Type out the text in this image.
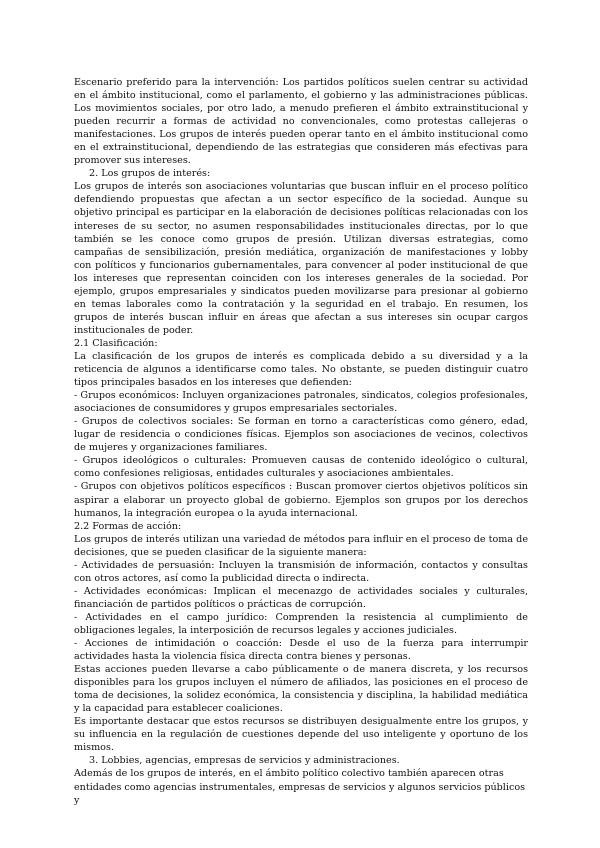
Escenario preferido para la intervención: Los partidos políticos suelen centrar su actividad en el ámbito institucional, como el parlamento, el gobierno y las administraciones públicas. Los movimientos sociales, por otro lado, a menudo prefieren el ámbito extrainstitucional y pueden recurrir a formas de actividad no convencionales, como protestas callejeras o manifestaciones. Los grupos de interés pueden operar tanto en el ámbito institucional como en el extrainstitucional, dependiendo de las estrategias que consideren más efectivas para promover sus intereses.

2. Los grupos de interés:

Los grupos de interés son asociaciones voluntarias que buscan influir en el proceso político defendiendo propuestas que afectan a un sector específico de la sociedad. Aunque su objetivo principal es participar en la elaboración de decisiones políticas relacionadas con los intereses de su sector, no asumen responsabilidades institucionales directas, por lo que también se les conoce como grupos de presión. Utilizan diversas estrategias, como campañas de sensibilización, presión mediática, organización de manifestaciones y lobby con políticos y funcionarios gubernamentales, para convencer al poder institucional de que los intereses que representan coinciden con los intereses generales de la sociedad. Por ejemplo, grupos empresariales y sindicatos pueden movilizarse para presionar al gobierno en temas laborales como la contratación y la seguridad en el trabajo. En resumen, los grupos de interés buscan influir en áreas que afectan a sus intereses sin ocupar cargos institucionales de poder.

2.1 Clasificación:

La clasificación de los grupos de interés es complicada debido a su diversidad y a la reticencia de algunos a identificarse como tales. No obstante, se pueden distinguir cuatro tipos principales basados en los intereses que defienden:

- Grupos económicos: Incluyen organizaciones patronales, sindicatos, colegios profesionales, asociaciones de consumidores y grupos empresariales sectoriales.

- Grupos de colectivos sociales: Se forman en torno a características como género, edad, lugar de residencia o condiciones físicas. Ejemplos son asociaciones de vecinos, colectivos de mujeres y organizaciones familiares.

- Grupos ideológicos o culturales: Promueven causas de contenido ideológico o cultural, como confesiones religiosas, entidades culturales y asociaciones ambientales.

- Grupos con objetivos políticos específicos : Buscan promover ciertos objetivos políticos sin aspirar a elaborar un proyecto global de gobierno. Ejemplos son grupos por los derechos humanos, la integración europea o la ayuda internacional.

2.2 Formas de acción:

Los grupos de interés utilizan una variedad de métodos para influir en el proceso de toma de decisiones, que se pueden clasificar de la siguiente manera:

- Actividades de persuasión: Incluyen la transmisión de información, contactos y consultas con otros actores, así como la publicidad directa o indirecta.

- Actividades económicas: Implican el mecenazgo de actividades sociales y culturales, financiación de partidos políticos o prácticas de corrupción.

- Actividades en el campo jurídico: Comprenden la resistencia al cumplimiento de obligaciones legales, la interposición de recursos legales y acciones judiciales.

- Acciones de intimidación o coacción: Desde el uso de la fuerza para interrumpir actividades hasta la violencia física directa contra bienes y personas.

Estas acciones pueden llevarse a cabo públicamente o de manera discreta, y los recursos disponibles para los grupos incluyen el número de afiliados, las posiciones en el proceso de toma de decisiones, la solidez económica, la consistencia y disciplina, la habilidad mediática y la capacidad para establecer coaliciones.

Es importante destacar que estos recursos se distribuyen desigualmente entre los grupos, y su influencia en la regulación de cuestiones depende del uso inteligente y oportuno de los mismos.

3. Lobbies, agencias, empresas de servicios y administraciones.

Además de los grupos de interés, en el ámbito político colectivo también aparecen otras entidades como agencias instrumentales, empresas de servicios y algunos servicios públicos y
